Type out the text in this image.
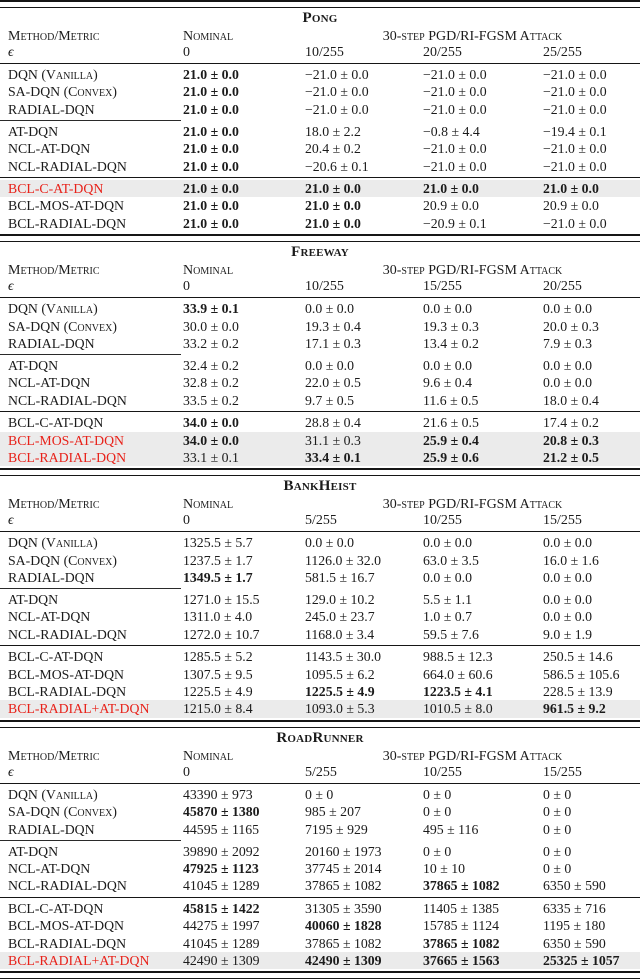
Pong
Method/Metric	Nominal	30-step PGD/RI-FGSM Attack
ϵ	0	10/255	20/255	25/255
DQN (Vanilla)	21.0 ± 0.0	−21.0 ± 0.0	−21.0 ± 0.0	−21.0 ± 0.0
SA-DQN (Convex)	21.0 ± 0.0	−21.0 ± 0.0	−21.0 ± 0.0	−21.0 ± 0.0
RADIAL-DQN	21.0 ± 0.0	−21.0 ± 0.0	−21.0 ± 0.0	−21.0 ± 0.0
AT-DQN	21.0 ± 0.0	18.0 ± 2.2	−0.8 ± 4.4	−19.4 ± 0.1
NCL-AT-DQN	21.0 ± 0.0	20.4 ± 0.2	−21.0 ± 0.0	−21.0 ± 0.0
NCL-RADIAL-DQN	21.0 ± 0.0	−20.6 ± 0.1	−21.0 ± 0.0	−21.0 ± 0.0
BCL-C-AT-DQN	21.0 ± 0.0	21.0 ± 0.0	21.0 ± 0.0	21.0 ± 0.0
BCL-MOS-AT-DQN	21.0 ± 0.0	21.0 ± 0.0	20.9 ± 0.0	20.9 ± 0.0
BCL-RADIAL-DQN	21.0 ± 0.0	21.0 ± 0.0	−20.9 ± 0.1	−21.0 ± 0.0
Freeway
Method/Metric	Nominal	30-step PGD/RI-FGSM Attack
ϵ	0	10/255	15/255	20/255
DQN (Vanilla)	33.9 ± 0.1	0.0 ± 0.0	0.0 ± 0.0	0.0 ± 0.0
SA-DQN (Convex)	30.0 ± 0.0	19.3 ± 0.4	19.3 ± 0.3	20.0 ± 0.3
RADIAL-DQN	33.2 ± 0.2	17.1 ± 0.3	13.4 ± 0.2	7.9 ± 0.3
AT-DQN	32.4 ± 0.2	0.0 ± 0.0	0.0 ± 0.0	0.0 ± 0.0
NCL-AT-DQN	32.8 ± 0.2	22.0 ± 0.5	9.6 ± 0.4	0.0 ± 0.0
NCL-RADIAL-DQN	33.5 ± 0.2	9.7 ± 0.5	11.6 ± 0.5	18.0 ± 0.4
BCL-C-AT-DQN	34.0 ± 0.0	28.8 ± 0.4	21.6 ± 0.5	17.4 ± 0.2
BCL-MOS-AT-DQN	34.0 ± 0.0	31.1 ± 0.3	25.9 ± 0.4	20.8 ± 0.3
BCL-RADIAL-DQN	33.1 ± 0.1	33.4 ± 0.1	25.9 ± 0.6	21.2 ± 0.5
BankHeist
Method/Metric	Nominal	30-step PGD/RI-FGSM Attack
ϵ	0	5/255	10/255	15/255
DQN (Vanilla)	1325.5 ± 5.7	0.0 ± 0.0	0.0 ± 0.0	0.0 ± 0.0
SA-DQN (Convex)	1237.5 ± 1.7	1126.0 ± 32.0	63.0 ± 3.5	16.0 ± 1.6
RADIAL-DQN	1349.5 ± 1.7	581.5 ± 16.7	0.0 ± 0.0	0.0 ± 0.0
AT-DQN	1271.0 ± 15.5	129.0 ± 10.2	5.5 ± 1.1	0.0 ± 0.0
NCL-AT-DQN	1311.0 ± 4.0	245.0 ± 23.7	1.0 ± 0.7	0.0 ± 0.0
NCL-RADIAL-DQN	1272.0 ± 10.7	1168.0 ± 3.4	59.5 ± 7.6	9.0 ± 1.9
BCL-C-AT-DQN	1285.5 ± 5.2	1143.5 ± 30.0	988.5 ± 12.3	250.5 ± 14.6
BCL-MOS-AT-DQN	1307.5 ± 9.5	1095.5 ± 6.2	664.0 ± 60.6	586.5 ± 105.6
BCL-RADIAL-DQN	1225.5 ± 4.9	1225.5 ± 4.9	1223.5 ± 4.1	228.5 ± 13.9
BCL-RADIAL+AT-DQN	1215.0 ± 8.4	1093.0 ± 5.3	1010.5 ± 8.0	961.5 ± 9.2
RoadRunner
Method/Metric	Nominal	30-step PGD/RI-FGSM Attack
ϵ	0	5/255	10/255	15/255
DQN (Vanilla)	43390 ± 973	0 ± 0	0 ± 0	0 ± 0
SA-DQN (Convex)	45870 ± 1380	985 ± 207	0 ± 0	0 ± 0
RADIAL-DQN	44595 ± 1165	7195 ± 929	495 ± 116	0 ± 0
AT-DQN	39890 ± 2092	20160 ± 1973	0 ± 0	0 ± 0
NCL-AT-DQN	47925 ± 1123	37745 ± 2014	10 ± 10	0 ± 0
NCL-RADIAL-DQN	41045 ± 1289	37865 ± 1082	37865 ± 1082	6350 ± 590
BCL-C-AT-DQN	45815 ± 1422	31305 ± 3590	11405 ± 1385	6335 ± 716
BCL-MOS-AT-DQN	44275 ± 1997	40060 ± 1828	15785 ± 1124	1195 ± 180
BCL-RADIAL-DQN	41045 ± 1289	37865 ± 1082	37865 ± 1082	6350 ± 590
BCL-RADIAL+AT-DQN	42490 ± 1309	42490 ± 1309	37665 ± 1563	25325 ± 1057
